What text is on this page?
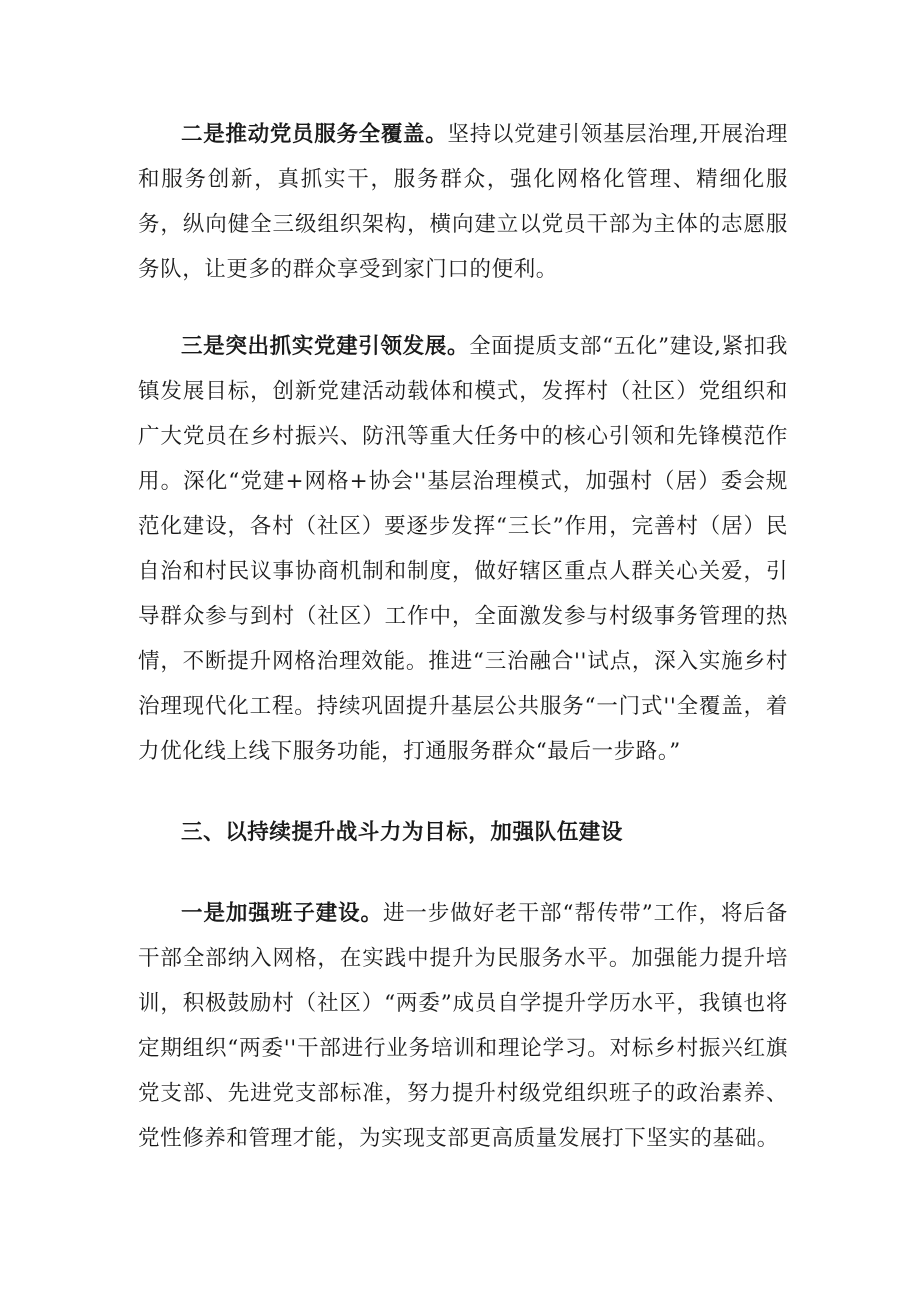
二是推动党员服务全覆盖。坚持以党建引领基层治理,开展治理和服务创新，真抓实干，服务群众，强化网格化管理、精细化服务，纵向健全三级组织架构，横向建立以党员干部为主体的志愿服务队，让更多的群众享受到家门口的便利。

三是突出抓实党建引领发展。全面提质支部“五化”建设,紧扣我镇发展目标，创新党建活动载体和模式，发挥村（社区）党组织和广大党员在乡村振兴、防汛等重大任务中的核心引领和先锋模范作用。深化“党建+网格+协会''基层治理模式，加强村（居）委会规范化建设，各村（社区）要逐步发挥“三长”作用，完善村（居）民自治和村民议事协商机制和制度，做好辖区重点人群关心关爱，引导群众参与到村（社区）工作中，全面激发参与村级事务管理的热情，不断提升网格治理效能。推进“三治融合''试点，深入实施乡村治理现代化工程。持续巩固提升基层公共服务“一门式''全覆盖，着力优化线上线下服务功能，打通服务群众“最后一步路。”

三、以持续提升战斗力为目标，加强队伍建设

一是加强班子建设。进一步做好老干部“帮传带”工作，将后备干部全部纳入网格，在实践中提升为民服务水平。加强能力提升培训，积极鼓励村（社区）“两委”成员自学提升学历水平，我镇也将定期组织“两委''干部进行业务培训和理论学习。对标乡村振兴红旗党支部、先进党支部标准，努力提升村级党组织班子的政治素养、党性修养和管理才能，为实现支部更高质量发展打下坚实的基础。
